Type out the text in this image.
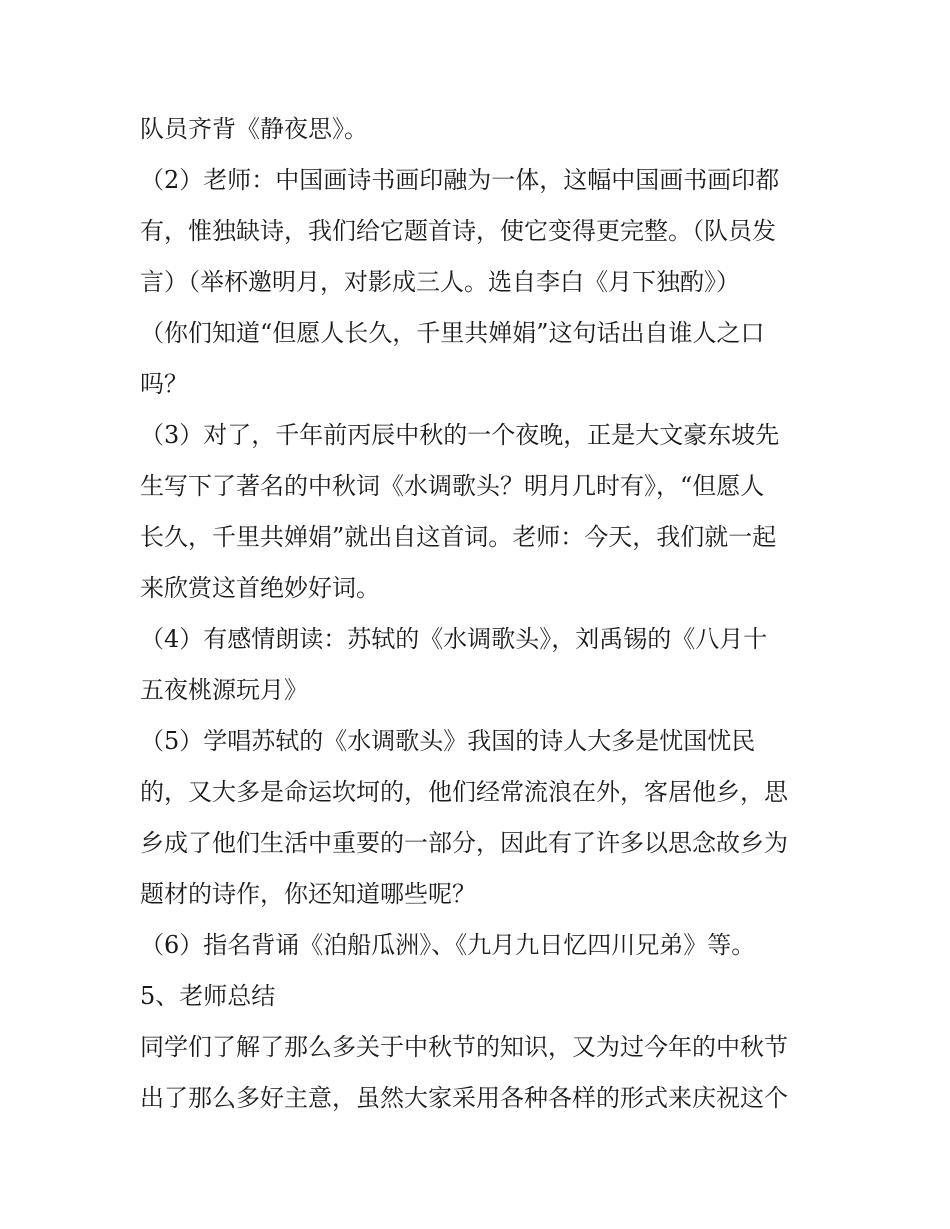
队员齐背《静夜思》。
（2）老师：中国画诗书画印融为一体，这幅中国画书画印都
有，惟独缺诗，我们给它题首诗，使它变得更完整。（队员发
言）（举杯邀明月，对影成三人。选自李白《月下独酌》）
（你们知道“但愿人长久，千里共婵娟”这句话出自谁人之口
吗？
（3）对了，千年前丙辰中秋的一个夜晚，正是大文豪东坡先
生写下了著名的中秋词《水调歌头？明月几时有》，“但愿人
长久，千里共婵娟”就出自这首词。老师：今天，我们就一起
来欣赏这首绝妙好词。
（4）有感情朗读：苏轼的《水调歌头》，刘禹锡的《八月十
五夜桃源玩月》
（5）学唱苏轼的《水调歌头》我国的诗人大多是忧国忧民
的，又大多是命运坎坷的，他们经常流浪在外，客居他乡，思
乡成了他们生活中重要的一部分，因此有了许多以思念故乡为
题材的诗作，你还知道哪些呢？
（6）指名背诵《泊船瓜洲》、《九月九日忆四川兄弟》等。
5、老师总结
同学们了解了那么多关于中秋节的知识，又为过今年的中秋节
出了那么多好主意，虽然大家采用各种各样的形式来庆祝这个
